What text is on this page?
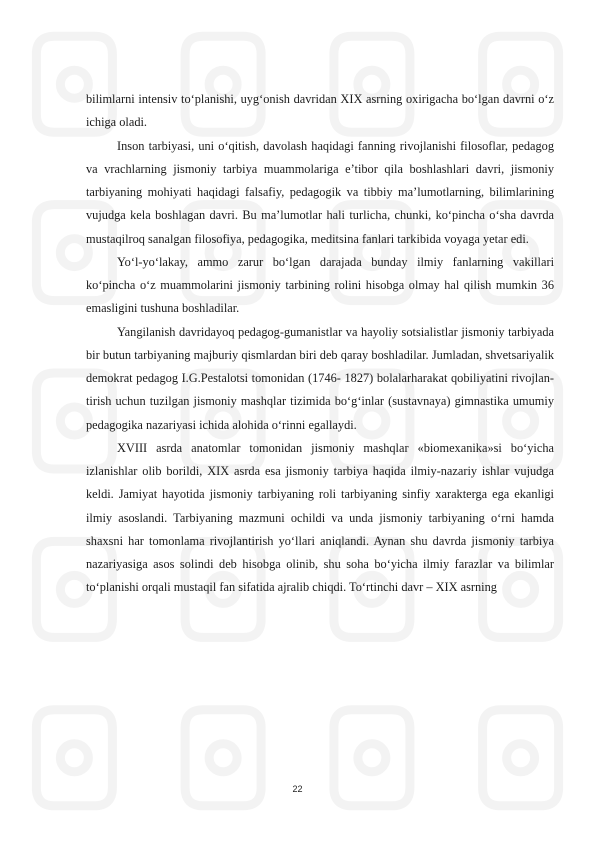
bilimlarni intensiv to‘planishi, uyg‘onish davridan XIX asrning oxirigacha bo‘lgan davrni o‘z ichiga oladi.

Inson tarbiyasi, uni o‘qitish, davolash haqidagi fanning rivojlanishi filosoflar, pedagog va vrachlarning jismoniy tarbiya muammolariga e’tibor qila boshlashlari davri, jismoniy tarbiyaning mohiyati haqidagi falsafiy, pedagogik va tibbiy ma’lumotlarning, bilimlarining vujudga kela boshlagan davri. Bu ma’lumotlar hali turlicha, chunki, ko‘pincha o‘sha davrda mustaqilroq sanalgan filosofiya, pedagogika, meditsina fanlari tarkibida voyaga yetar edi.

Yo‘l-yo‘lakay, ammo zarur bo‘lgan darajada bunday ilmiy fanlarning vakillari ko‘pincha o‘z muammolarini jismoniy tarbining rolini hisobga olmay hal qilish mumkin 36 emasligini tushuna boshladilar.

Yangilanish davridayoq pedagog-gumanistlar va hayoliy sotsialistlar jismoniy tarbiyada bir butun tarbiyaning majburiy qismlardan biri deb qaray boshladilar. Jumladan, shvetsariyalik demokrat pedagog I.G.Pestalotsi tomonidan (1746- 1827) bolalarharakat qobiliyatini rivojlan-tirish uchun tuzilgan jismoniy mashqlar tizimida bo‘g‘inlar (sustavnaya) gimnastika umumiy pedagogika nazariyasi ichida alohida o‘rinni egallaydi.

XVIII asrda anatomlar tomonidan jismoniy mashqlar «biomexanika»si bo‘yicha izlanishlar olib borildi, XIX asrda esa jismoniy tarbiya haqida ilmiy-nazariy ishlar vujudga keldi. Jamiyat hayotida jismoniy tarbiyaning roli tarbiyaning sinfiy xarakterga ega ekanligi ilmiy asoslandi. Tarbiyaning mazmuni ochildi va unda jismoniy tarbiyaning o‘rni hamda shaxsni har tomonlama rivojlantirish yo‘llari aniqlandi. Aynan shu davrda jismoniy tarbiya nazariyasiga asos solindi deb hisobga olinib, shu soha bo‘yicha ilmiy farazlar va bilimlar to‘planishi orqali mustaqil fan sifatida ajralib chiqdi. To‘rtinchi davr – XIX asrning

22
